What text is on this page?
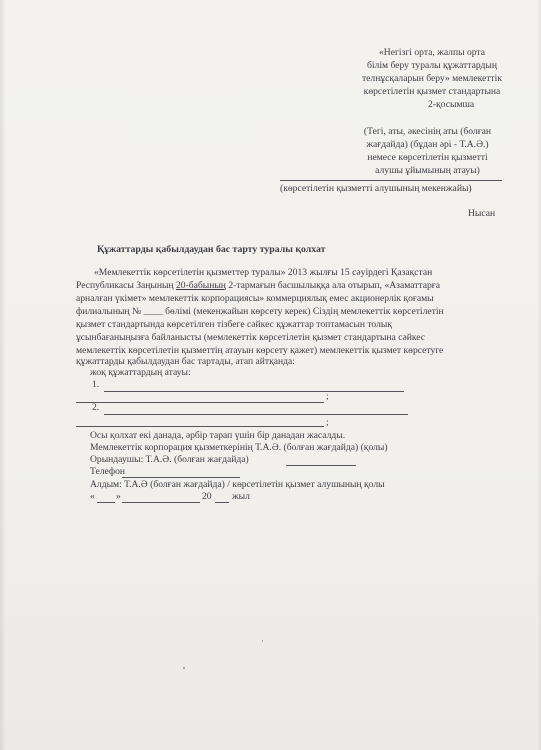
«Негізгі орта, жалпы орта
білім беру туралы құжаттардың
телнұсқаларын беру» мемлекеттік
көрсетілетін қызмет стандартына
2-қосымша
(Тегі, аты, әкесінің аты (болған
жағдайда) (бұдан әрі - Т.А.Ә.)
немесе көрсетілетін қызметті
алушы ұйымының атауы)
(көрсетілетін қызметті алушының мекенжайы)
Нысан
Құжаттарды қабылдаудан бас тарту туралы қолхат
«Мемлекеттік көрсетілетін қызметтер туралы» 2013 жылғы 15 сәуірдегі Қазақстан
Республикасы Заңының 20-бабының 2-тармағын басшылыққа ала отырып, «Азаматтарға
арналған үкімет» мемлекеттік корпорациясы» коммерциялық емес акционерлік қоғамы
филиалының № ____ бөлімі (мекенжайын көрсету керек) Сіздің мемлекеттік көрсетілетін
қызмет стандартында көрсетілген тізбеге сәйкес құжаттар топтамасын толық
ұсынбағаныңызға байланысты (мемлекеттік көрсетілетін қызмет стандартына сәйкес
мемлекеттік көрсетілетін қызметтің атауын көрсету қажет) мемлекеттік қызмет көрсетуге
құжаттарды қабылдаудан бас тартады, атап айтқанда:
жоқ құжаттардың атауы:
1.
;
2.
;
Осы қолхат екі данада, әрбір тарап үшін бір данадан жасалды.
Мемлекеттік корпорация қызметкерінің Т.А.Ә. (болған жағдайда) (қолы)
Орындаушы: Т.А.Ә. (болған жағдайда)
Телефон
Алдым: Т.А.Ә (болған жағдайда) / көрсетілетін қызмет алушының қолы
« »	20 жыл
